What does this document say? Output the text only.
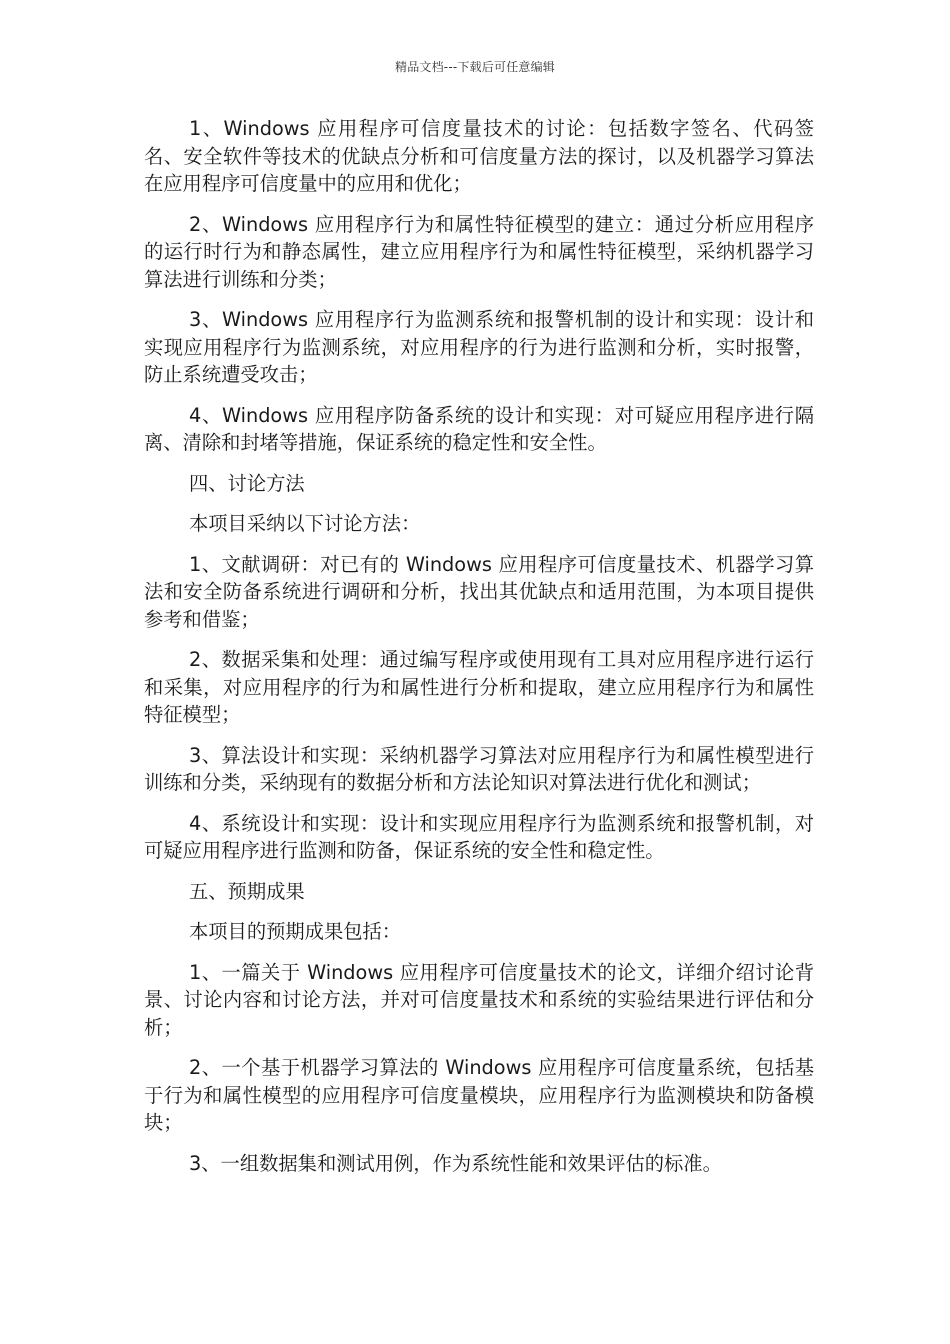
精品文档---下载后可任意编辑

1、Windows 应用程序可信度量技术的讨论：包括数字签名、代码签名、安全软件等技术的优缺点分析和可信度量方法的探讨，以及机器学习算法在应用程序可信度量中的应用和优化；

2、Windows 应用程序行为和属性特征模型的建立：通过分析应用程序的运行时行为和静态属性，建立应用程序行为和属性特征模型，采纳机器学习算法进行训练和分类；

3、Windows 应用程序行为监测系统和报警机制的设计和实现：设计和实现应用程序行为监测系统，对应用程序的行为进行监测和分析，实时报警，防止系统遭受攻击；

4、Windows 应用程序防备系统的设计和实现：对可疑应用程序进行隔离、清除和封堵等措施，保证系统的稳定性和安全性。

四、讨论方法

本项目采纳以下讨论方法：

1、文献调研：对已有的 Windows 应用程序可信度量技术、机器学习算法和安全防备系统进行调研和分析，找出其优缺点和适用范围，为本项目提供参考和借鉴；

2、数据采集和处理：通过编写程序或使用现有工具对应用程序进行运行和采集，对应用程序的行为和属性进行分析和提取，建立应用程序行为和属性特征模型；

3、算法设计和实现：采纳机器学习算法对应用程序行为和属性模型进行训练和分类，采纳现有的数据分析和方法论知识对算法进行优化和测试；

4、系统设计和实现：设计和实现应用程序行为监测系统和报警机制，对可疑应用程序进行监测和防备，保证系统的安全性和稳定性。

五、预期成果

本项目的预期成果包括：

1、一篇关于 Windows 应用程序可信度量技术的论文，详细介绍讨论背景、讨论内容和讨论方法，并对可信度量技术和系统的实验结果进行评估和分析；

2、一个基于机器学习算法的 Windows 应用程序可信度量系统，包括基于行为和属性模型的应用程序可信度量模块，应用程序行为监测模块和防备模块；

3、一组数据集和测试用例，作为系统性能和效果评估的标准。
